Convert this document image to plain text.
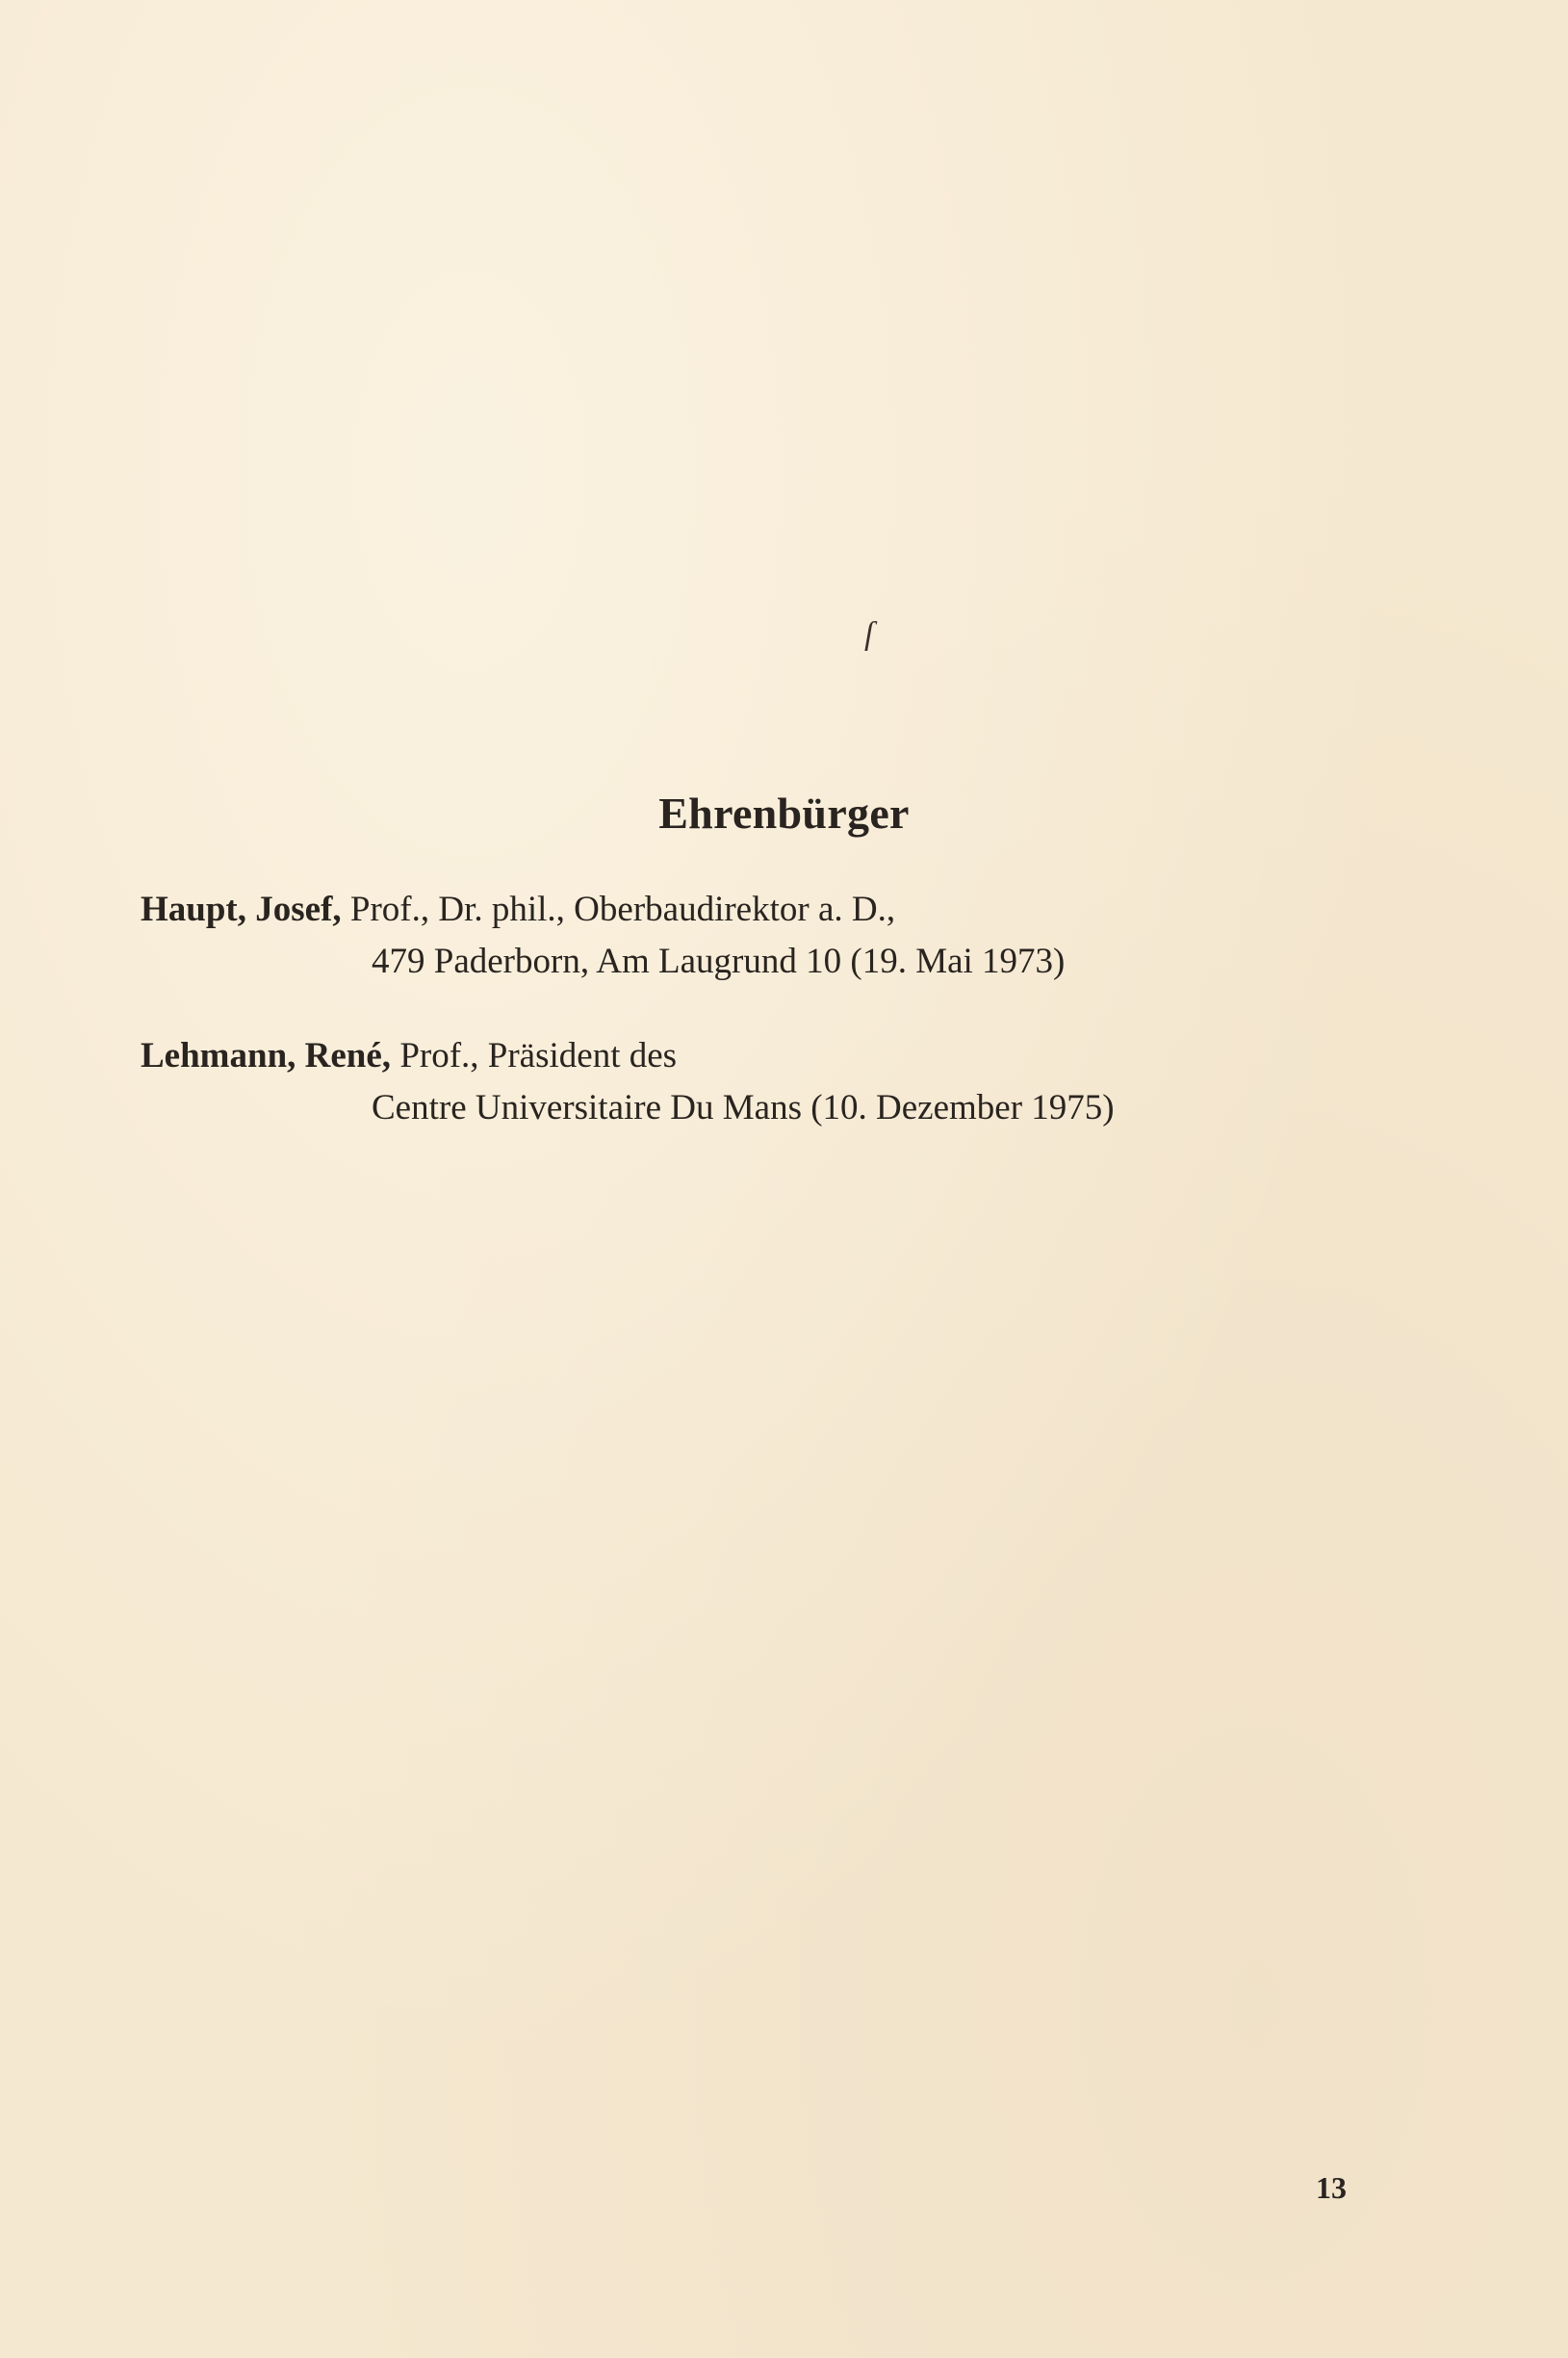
ſ
Ehrenbürger
Haupt, Josef, Prof., Dr. phil., Oberbaudirektor a. D.,
479 Paderborn, Am Laugrund 10 (19. Mai 1973)
Lehmann, René, Prof., Präsident des
Centre Universitaire Du Mans (10. Dezember 1975)
13
